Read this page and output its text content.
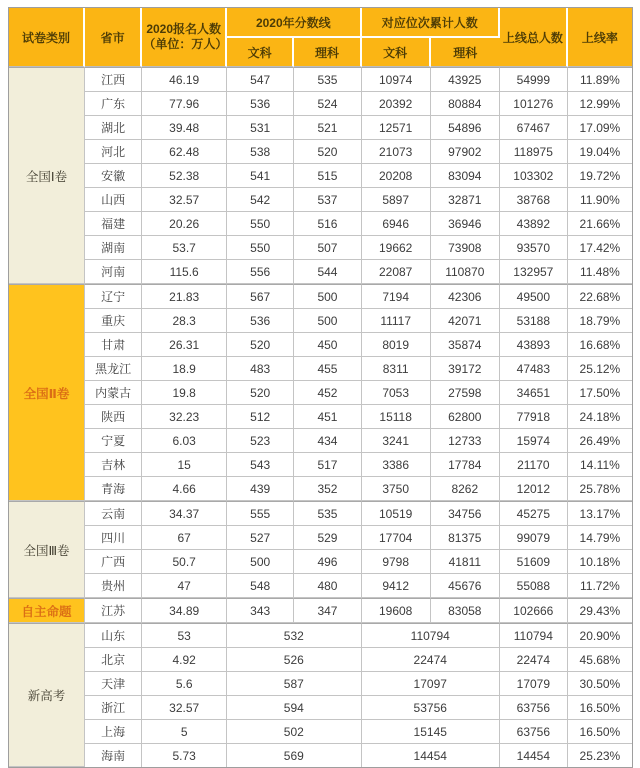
试卷类别	省市	2020报名人数
（单位：万人）	2020年分数线		对应位次累计人数		上线总人数	上线率
			文科	理科	文科	理科		
全国Ⅰ卷	江西	46.19	547	535	10974	43925	54999	11.89%
	广东	77.96	536	524	20392	80884	101276	12.99%
	湖北	39.48	531	521	12571	54896	67467	17.09%
	河北	62.48	538	520	21073	97902	118975	19.04%
	安徽	52.38	541	515	20208	83094	103302	19.72%
	山西	32.57	542	537	5897	32871	38768	11.90%
	福建	20.26	550	516	6946	36946	43892	21.66%
	湖南	53.7	550	507	19662	73908	93570	17.42%
	河南	115.6	556	544	22087	110870	132957	11.48%
全国Ⅱ卷	辽宁	21.83	567	500	7194	42306	49500	22.68%
	重庆	28.3	536	500	11117	42071	53188	18.79%
	甘肃	26.31	520	450	8019	35874	43893	16.68%
	黑龙江	18.9	483	455	8311	39172	47483	25.12%
	内蒙古	19.8	520	452	7053	27598	34651	17.50%
	陕西	32.23	512	451	15118	62800	77918	24.18%
	宁夏	6.03	523	434	3241	12733	15974	26.49%
	吉林	15	543	517	3386	17784	21170	14.11%
	青海	4.66	439	352	3750	8262	12012	25.78%
全国Ⅲ卷	云南	34.37	555	535	10519	34756	45275	13.17%
	四川	67	527	529	17704	81375	99079	14.79%
	广西	50.7	500	496	9798	41811	51609	10.18%
	贵州	47	548	480	9412	45676	55088	11.72%
自主命题	江苏	34.89	343	347	19608	83058	102666	29.43%
新高考	山东	53	532		110794		110794	20.90%
	北京	4.92	526		22474		22474	45.68%
	天津	5.6	587		17097		17079	30.50%
	浙江	32.57	594		53756		63756	16.50%
	上海	5	502		15145		63756	16.50%
	海南	5.73	569		14454		14454	25.23%
